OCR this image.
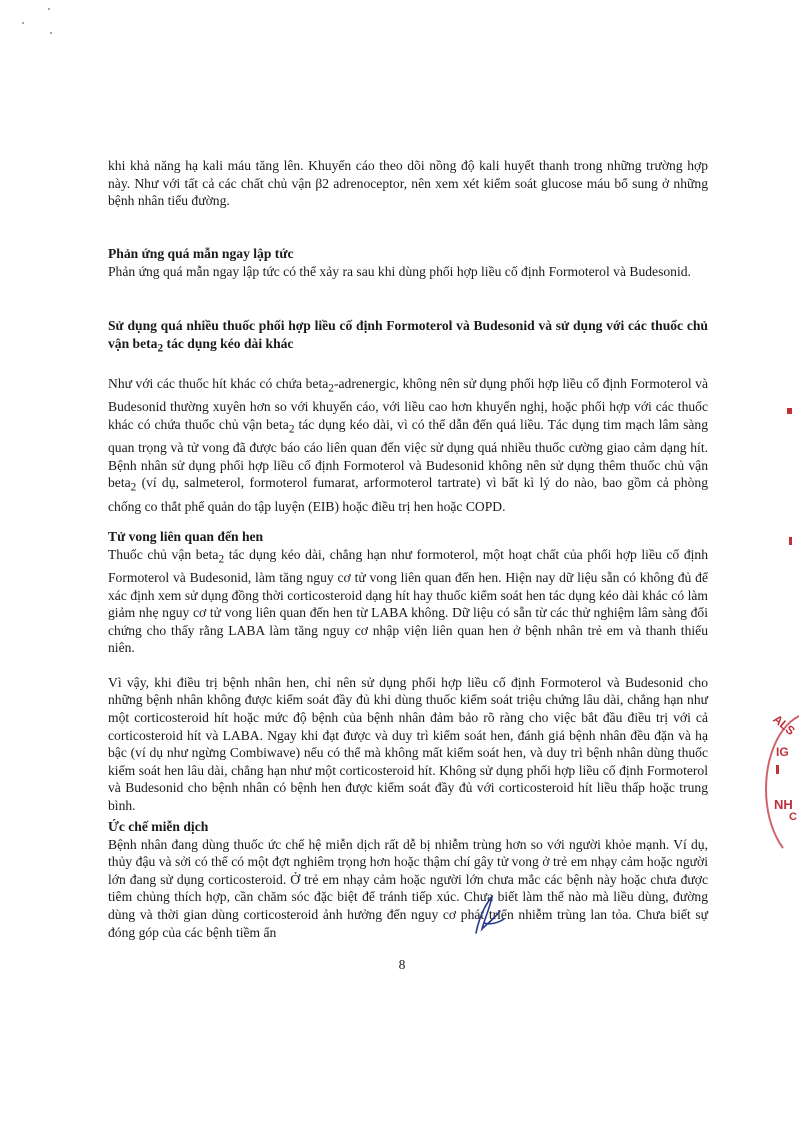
khi khả năng hạ kali máu tăng lên. Khuyến cáo theo dõi nồng độ kali huyết thanh trong những trường hợp này. Như với tất cả các chất chủ vận β2 adrenoceptor, nên xem xét kiểm soát glucose máu bổ sung ở những bệnh nhân tiểu đường.
Phản ứng quá mẫn ngay lập tức
Phản ứng quá mẫn ngay lập tức có thể xảy ra sau khi dùng phối hợp liều cố định Formoterol và Budesonid.
Sử dụng quá nhiều thuốc phối hợp liều cố định Formoterol và Budesonid và sử dụng với các thuốc chủ vận beta$_2$ tác dụng kéo dài khác
Như với các thuốc hít khác có chứa beta$_2$-adrenergic, không nên sử dụng phối hợp liều cố định Formoterol và Budesonid thường xuyên hơn so với khuyến cáo, với liều cao hơn khuyến nghị, hoặc phối hợp với các thuốc khác có chứa thuốc chủ vận beta$_2$ tác dụng kéo dài, vì có thể dẫn đến quá liều. Tác dụng tim mạch lâm sàng quan trọng và tử vong đã được báo cáo liên quan đến việc sử dụng quá nhiều thuốc cường giao cảm dạng hít. Bệnh nhân sử dụng phối hợp liều cố định Formoterol và Budesonid không nên sử dụng thêm thuốc chủ vận beta$_2$ (ví dụ, salmeterol, formoterol fumarat, arformoterol tartrate) vì bất kì lý do nào, bao gồm cả phòng chống co thắt phế quản do tập luyện (EIB) hoặc điều trị hen hoặc COPD.
Tử vong liên quan đến hen
Thuốc chủ vận beta$_2$ tác dụng kéo dài, chẳng hạn như formoterol, một hoạt chất của phối hợp liều cố định Formoterol và Budesonid, làm tăng nguy cơ tử vong liên quan đến hen. Hiện nay dữ liệu sẵn có không đủ để xác định xem sử dụng đồng thời corticosteroid dạng hít hay thuốc kiểm soát hen tác dụng kéo dài khác có làm giảm nhẹ nguy cơ tử vong liên quan đến hen từ LABA không. Dữ liệu có sẵn từ các thử nghiệm lâm sàng đối chứng cho thấy rằng LABA làm tăng nguy cơ nhập viện liên quan hen ở bệnh nhân trẻ em và thanh thiếu niên.
Vì vậy, khi điều trị bệnh nhân hen, chỉ nên sử dụng phối hợp liều cố định Formoterol và Budesonid cho những bệnh nhân không được kiểm soát đầy đủ khi dùng thuốc kiểm soát triệu chứng lâu dài, chẳng hạn như một corticosteroid hít hoặc mức độ bệnh của bệnh nhân đảm bảo rõ ràng cho việc bắt đầu điều trị với cả corticosteroid hít và LABA. Ngay khi đạt được và duy trì kiểm soát hen, đánh giá bệnh nhân đều đặn và hạ bậc (ví dụ như ngừng Combiwave) nếu có thể mà không mất kiểm soát hen, và duy trì bệnh nhân dùng thuốc kiểm soát hen lâu dài, chẳng hạn như một corticosteroid hít. Không sử dụng phối hợp liều cố định Formoterol và Budesonid cho bệnh nhân có bệnh hen được kiểm soát đầy đủ với corticosteroid hít liều thấp hoặc trung bình.
Ức chế miễn dịch
Bệnh nhân đang dùng thuốc ức chế hệ miễn dịch rất dễ bị nhiễm trùng hơn so với người khỏe mạnh. Ví dụ, thủy đậu và sởi có thể có một đợt nghiêm trọng hơn hoặc thậm chí gây tử vong ở trẻ em nhạy cảm hoặc người lớn đang sử dụng corticosteroid. Ở trẻ em nhạy cảm hoặc người lớn chưa mắc các bệnh này hoặc chưa được tiêm chủng thích hợp, cần chăm sóc đặc biệt để tránh tiếp xúc. Chưa biết làm thế nào mà liều dùng, đường dùng và thời gian dùng corticosteroid ảnh hưởng đến nguy cơ phát triển nhiễm trùng lan tỏa. Chưa biết sự đóng góp của các bệnh tiềm ẩn
8
ALS
IG
NH
C
